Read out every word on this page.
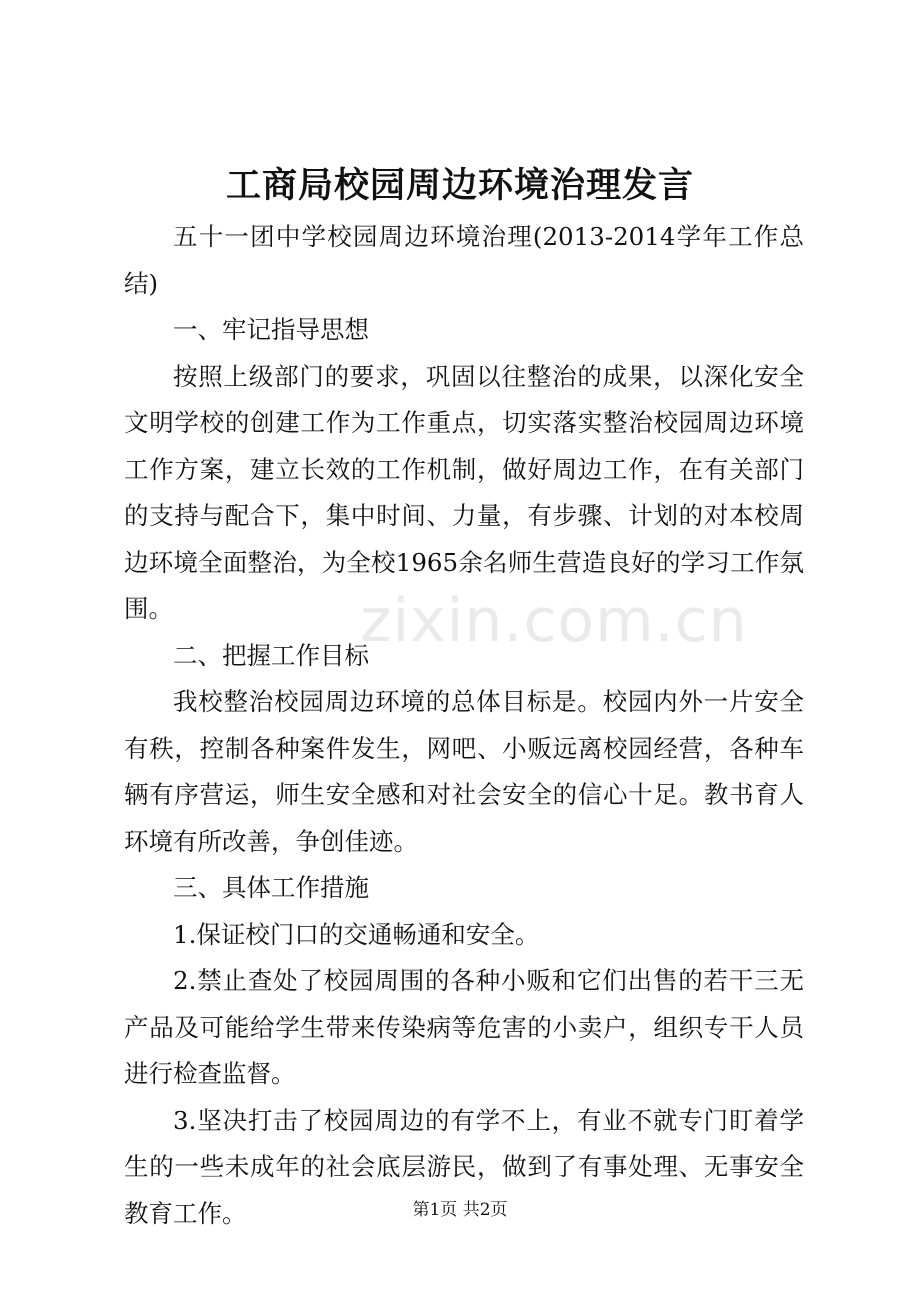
zixin.com.cn
工商局校园周边环境治理发言

五十一团中学校园周边环境治理(2013-2014学年工作总结)

一、牢记指导思想

按照上级部门的要求，巩固以往整治的成果，以深化安全文明学校的创建工作为工作重点，切实落实整治校园周边环境工作方案，建立长效的工作机制，做好周边工作，在有关部门的支持与配合下，集中时间、力量，有步骤、计划的对本校周边环境全面整治，为全校1965余名师生营造良好的学习工作氛围。

二、把握工作目标

我校整治校园周边环境的总体目标是。校园内外一片安全有秩，控制各种案件发生，网吧、小贩远离校园经营，各种车辆有序营运，师生安全感和对社会安全的信心十足。教书育人环境有所改善，争创佳迹。

三、具体工作措施

1.保证校门口的交通畅通和安全。

2.禁止查处了校园周围的各种小贩和它们出售的若干三无产品及可能给学生带来传染病等危害的小卖户，组织专干人员进行检查监督。

3.坚决打击了校园周边的有学不上，有业不就专门盯着学生的一些未成年的社会底层游民，做到了有事处理、无事安全教育工作。	第1页 共2页
